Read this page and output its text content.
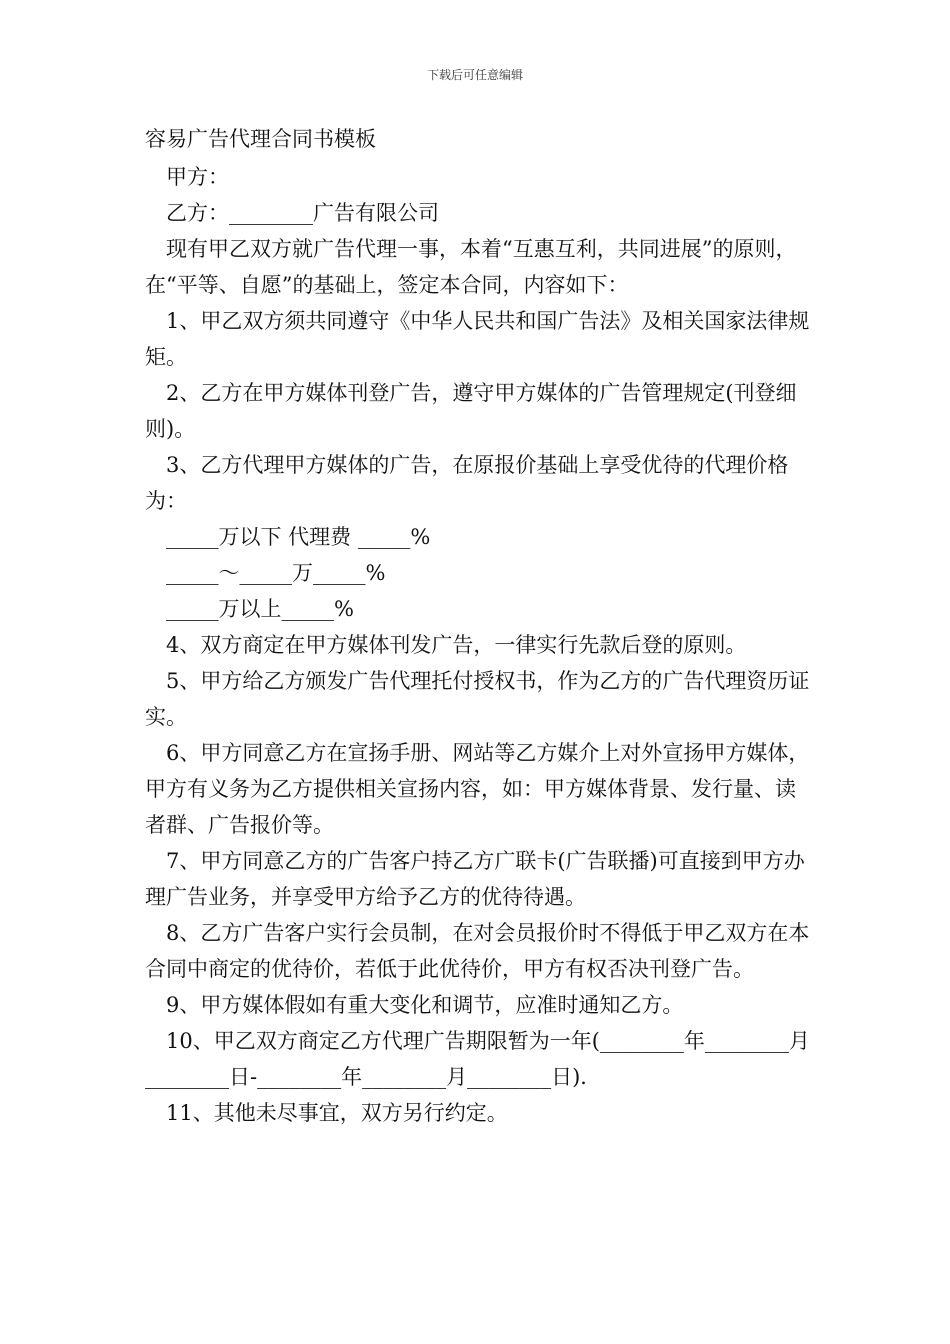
下载后可任意编辑

容易广告代理合同书模板

甲方：

乙方：________广告有限公司

现有甲乙双方就广告代理一事，本着“互惠互利，共同进展”的原则，在“平等、自愿”的基础上，签定本合同，内容如下：

1、甲乙双方须共同遵守《中华人民共和国广告法》及相关国家法律规矩。

2、乙方在甲方媒体刊登广告，遵守甲方媒体的广告管理规定(刊登细则)。

3、乙方代理甲方媒体的广告，在原报价基础上享受优待的代理价格为：

_____万以下 代理费 _____%

_____～_____万_____%

_____万以上_____%

4、双方商定在甲方媒体刊发广告，一律实行先款后登的原则。

5、甲方给乙方颁发广告代理托付授权书，作为乙方的广告代理资历证实。

6、甲方同意乙方在宣扬手册、网站等乙方媒介上对外宣扬甲方媒体，甲方有义务为乙方提供相关宣扬内容，如：甲方媒体背景、发行量、读者群、广告报价等。

7、甲方同意乙方的广告客户持乙方广联卡(广告联播)可直接到甲方办理广告业务，并享受甲方给予乙方的优待待遇。

8、乙方广告客户实行会员制，在对会员报价时不得低于甲乙双方在本合同中商定的优待价，若低于此优待价，甲方有权否决刊登广告。

9、甲方媒体假如有重大变化和调节，应准时通知乙方。

10、甲乙双方商定乙方代理广告期限暂为一年(________年________月________日-________年________月________日)．

11、其他未尽事宜，双方另行约定。
